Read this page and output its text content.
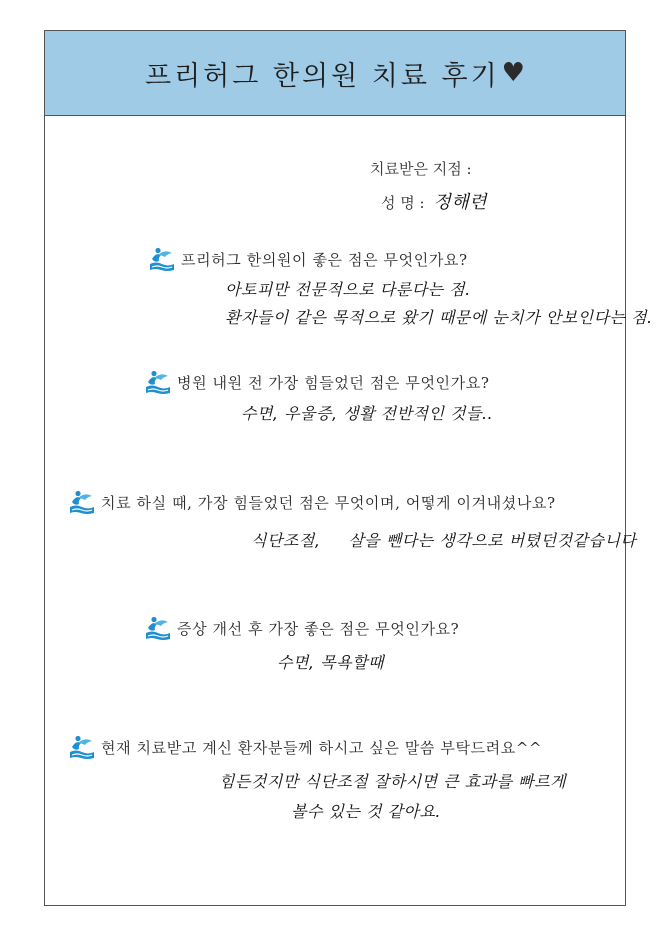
프리허그 한의원 치료 후기 ♥
치료받은 지점 :
성 명 : 정해련
프리허그 한의원이 좋은 점은 무엇인가요?
아토피만 전문적으로 다룬다는 점.
환자들이 같은 목적으로 왔기 때문에 눈치가 안보인다는 점.
병원 내원 전 가장 힘들었던 점은 무엇인가요?
수면, 우울증, 생활 전반적인 것들..
치료 하실 때, 가장 힘들었던 점은 무엇이며, 어떻게 이겨내셨나요?
식단조절,     살을 뺀다는 생각으로 버텼던것같습니다
증상 개선 후 가장 좋은 점은 무엇인가요?
수면, 목욕할때
현재 치료받고 계신 환자분들께 하시고 싶은 말씀 부탁드려요^^
힘든것지만 식단조절 잘하시면 큰 효과를 빠르게
볼수 있는 것 같아요.
